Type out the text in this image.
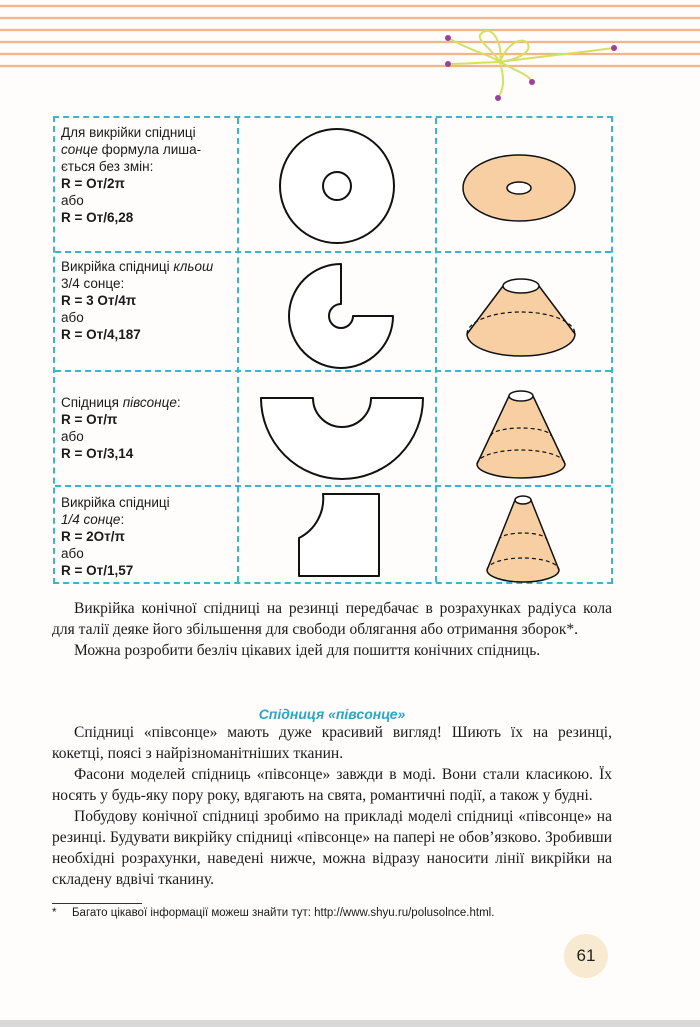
Для викрійки спідниці
сонце формула лиша-
ється без змін:
R = Oт/2π
або
R = Oт/6,28
Викрійка спідниці кльош
3/4 сонце:
R = 3 Oт/4π
або
R = Oт/4,187
Спідниця півсонце:
R = Oт/π
або
R = Oт/3,14
Викрійка спідниці
1/4 сонце:
R = 2Oт/π
або
R = Oт/1,57

Викрійка конічної спідниці на резинці передбачає в розрахунках радіуса кола для талії деяке його збільшення для свободи облягання або отримання зборок*.

Можна розробити безліч цікавих ідей для пошиття конічних спідниць.

Спідниця «півсонце»

Спідниці «півсонце» мають дуже красивий вигляд! Шиють їх на резинці, кокетці, поясі з найрізноманітніших тканин.

Фасони моделей спідниць «півсонце» завжди в моді. Вони стали класикою. Їх носять у будь-яку пору року, вдягають на свята, романтичні події, а також у будні.

Побудову конічної спідниці зробимо на прикладі моделі спідниці «півсонце» на резинці. Будувати викрійку спідниці «півсонце» на папері не обов’язково. Зробивши необхідні розрахунки, наведені нижче, можна відразу наносити лінії викрійки на складену вдвічі тканину.

* Багато цікавої інформації можеш знайти тут: http://www.shyu.ru/polusolnce.html.
61
